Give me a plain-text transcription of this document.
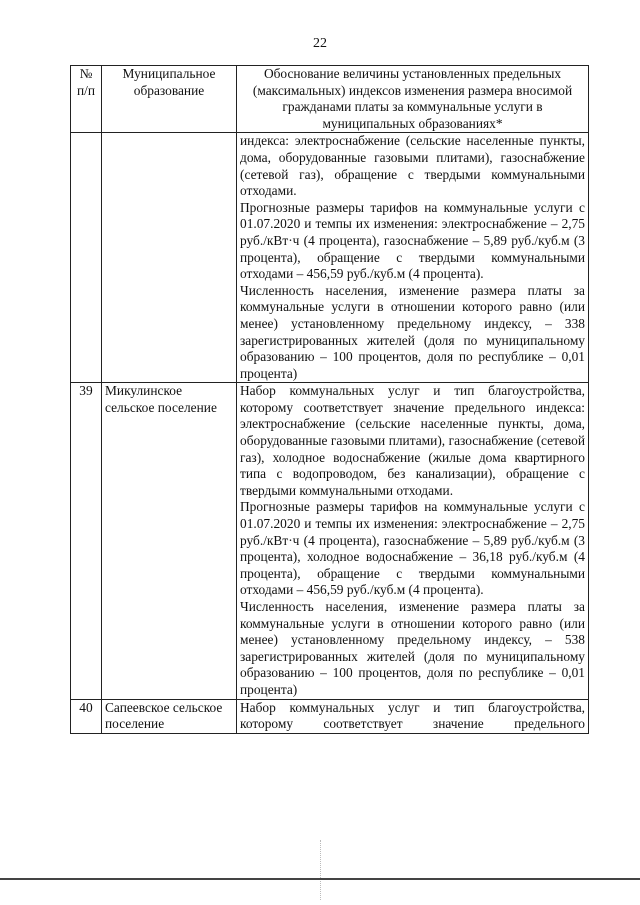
22
№ п/п	Муниципальное образование	Обоснование величины установленных предельных (максимальных) индексов изменения размера вносимой гражданами платы за коммунальные услуги в муниципальных образованиях*

		индекса: электроснабжение (сельские населенные пункты, дома, оборудованные газовыми плитами), газоснабжение (сетевой газ), обращение с твердыми коммунальными отходами.

Прогнозные размеры тарифов на коммунальные услуги с 01.07.2020 и темпы их изменения: электроснабжение – 2,75 руб./кВт·ч (4 процента), газоснабжение – 5,89 руб./куб.м (3 процента), обращение с твердыми коммунальными отходами – 456,59 руб./куб.м (4 процента).

Численность населения, изменение размера платы за коммунальные услуги в отношении которого равно (или менее) установленному предельному индексу, – 338 зарегистрированных жителей (доля по муниципальному образованию – 100 процентов, доля по республике – 0,01 процента)

39	Микулинское сельское поселение	Набор коммунальных услуг и тип благоустройства, которому соответствует значение предельного индекса: электроснабжение (сельские населенные пункты, дома, оборудованные газовыми плитами), газоснабжение (сетевой газ), холодное водоснабжение (жилые дома квартирного типа с водопроводом, без канализации), обращение с твердыми коммунальными отходами.

Прогнозные размеры тарифов на коммунальные услуги с 01.07.2020 и темпы их изменения: электроснабжение – 2,75 руб./кВт·ч (4 процента), газоснабжение – 5,89 руб./куб.м (3 процента), холодное водоснабжение – 36,18 руб./куб.м (4 процента), обращение с твердыми коммунальными отходами – 456,59 руб./куб.м (4 процента).

Численность населения, изменение размера платы за коммунальные услуги в отношении которого равно (или менее) установленному предельному индексу, – 538 зарегистрированных жителей (доля по муниципальному образованию – 100 процентов, доля по республике – 0,01 процента)

40	Сапеевское сельское поселение	Набор коммунальных услуг и тип благоустройства, которому соответствует значение предельного
